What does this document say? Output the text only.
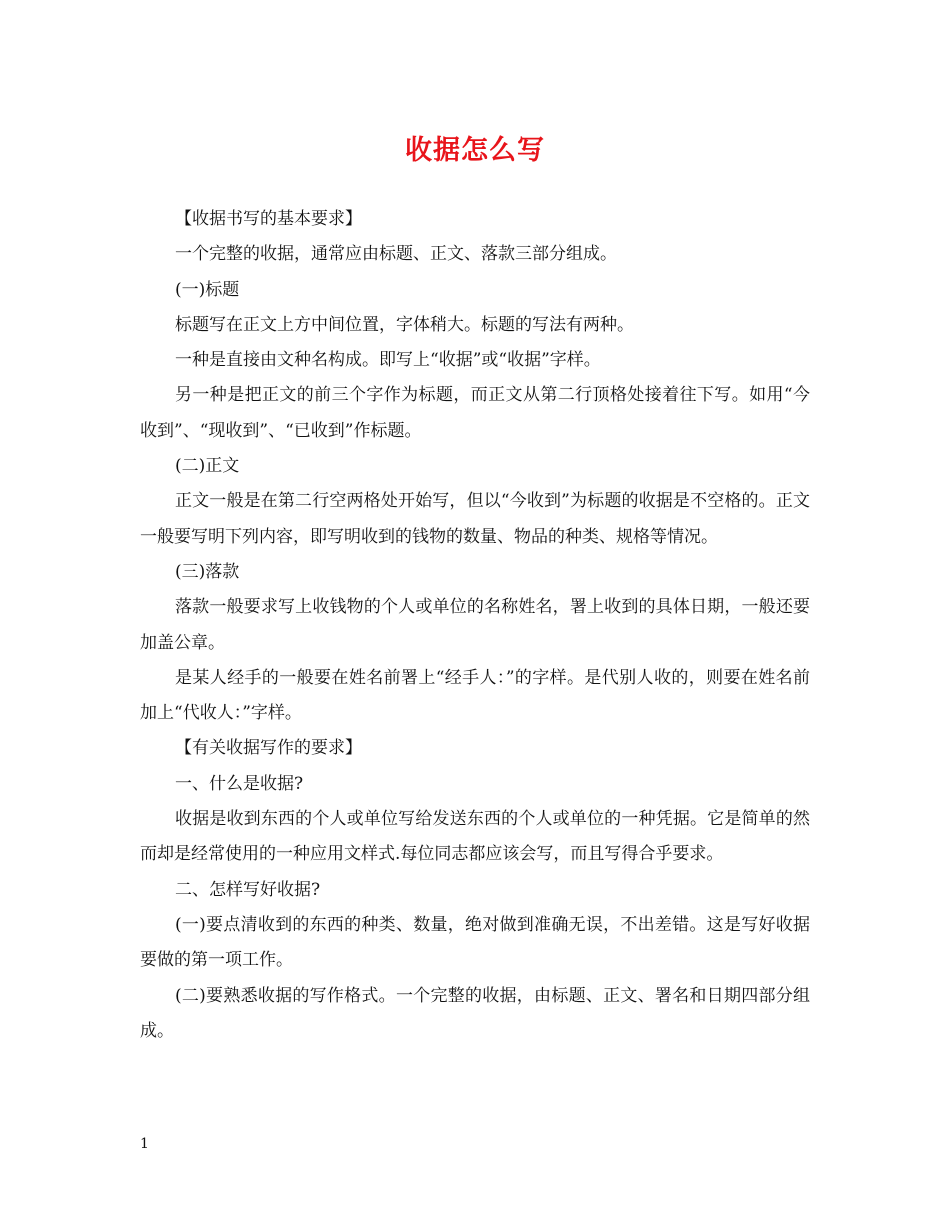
收据怎么写

【收据书写的基本要求】

一个完整的收据，通常应由标题、正文、落款三部分组成。

(一)标题

标题写在正文上方中间位置，字体稍大。标题的写法有两种。

一种是直接由文种名构成。即写上“收据”或“收据”字样。

另一种是把正文的前三个字作为标题，而正文从第二行顶格处接着往下写。如用“今收到”、“现收到”、“已收到”作标题。

(二)正文

正文一般是在第二行空两格处开始写，但以“今收到”为标题的收据是不空格的。正文一般要写明下列内容，即写明收到的钱物的数量、物品的种类、规格等情况。

(三)落款

落款一般要求写上收钱物的个人或单位的名称姓名，署上收到的具体日期，一般还要加盖公章。

是某人经手的一般要在姓名前署上“经手人：”的字样。是代别人收的，则要在姓名前加上“代收人：”字样。

【有关收据写作的要求】

一、什么是收据?

收据是收到东西的个人或单位写给发送东西的个人或单位的一种凭据。它是简单的然而却是经常使用的一种应用文样式.每位同志都应该会写，而且写得合乎要求。

二、怎样写好收据?

(一)要点清收到的东西的种类、数量，绝对做到准确无误，不出差错。这是写好收据要做的第一项工作。

(二)要熟悉收据的写作格式。一个完整的收据，由标题、正文、署名和日期四部分组成。

1
